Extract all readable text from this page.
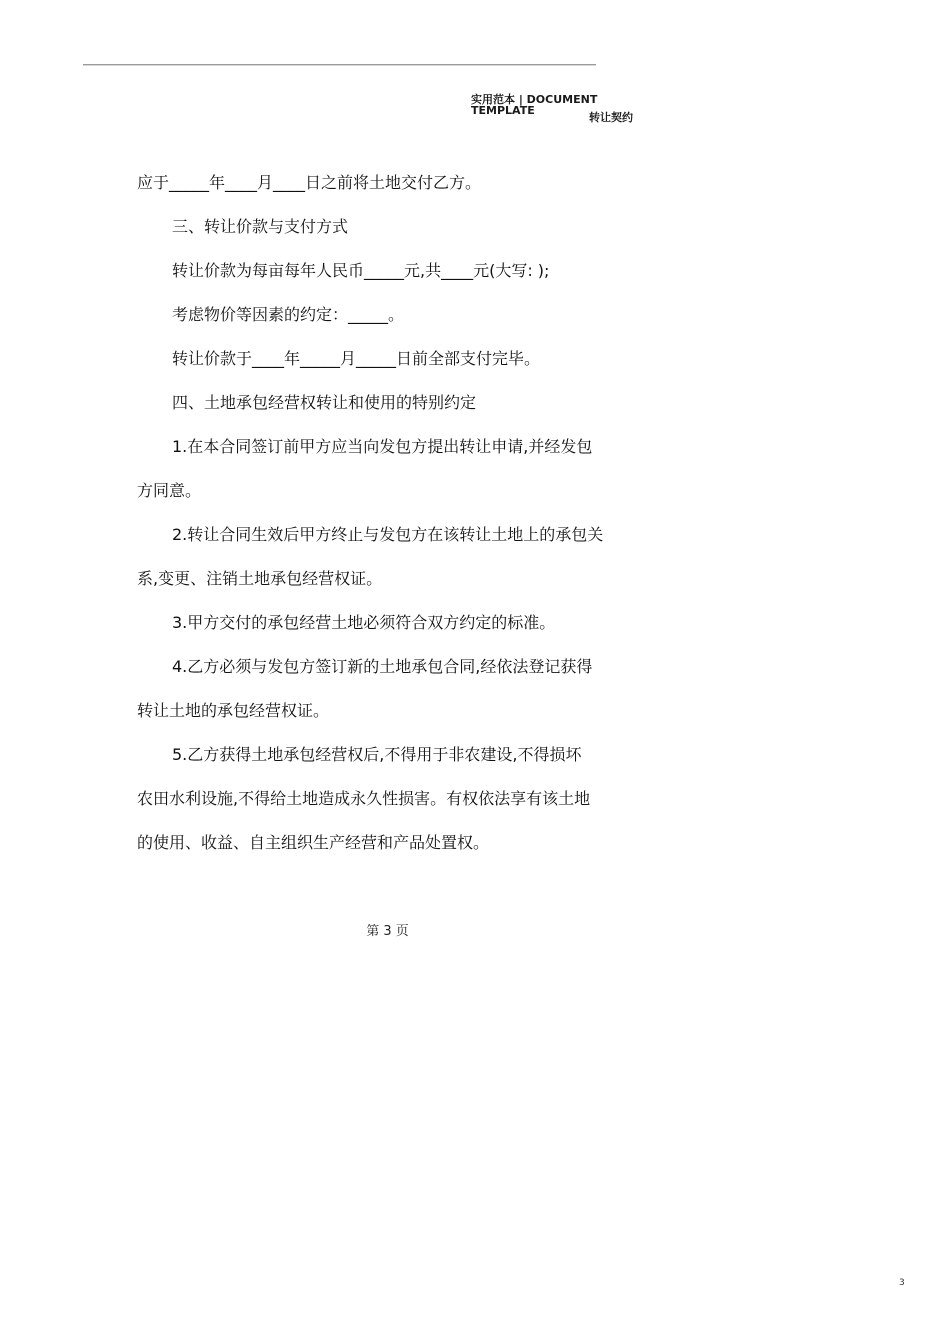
实用范本 | DOCUMENT TEMPLATE
转让契约

应于_____年____月____日之前将土地交付乙方。

三、转让价款与支付方式

转让价款为每亩每年人民币_____元,共____元(大写: );

考虑物价等因素的约定：_____。

转让价款于____年_____月_____日前全部支付完毕。

四、土地承包经营权转让和使用的特别约定

1.在本合同签订前甲方应当向发包方提出转让申请,并经发包

方同意。

2.转让合同生效后甲方终止与发包方在该转让土地上的承包关

系,变更、注销土地承包经营权证。

3.甲方交付的承包经营土地必须符合双方约定的标准。

4.乙方必须与发包方签订新的土地承包合同,经依法登记获得

转让土地的承包经营权证。

5.乙方获得土地承包经营权后,不得用于非农建设,不得损坏

农田水利设施,不得给土地造成永久性损害。有权依法享有该土地

的使用、收益、自主组织生产经营和产品处置权。

第 3 页
3
